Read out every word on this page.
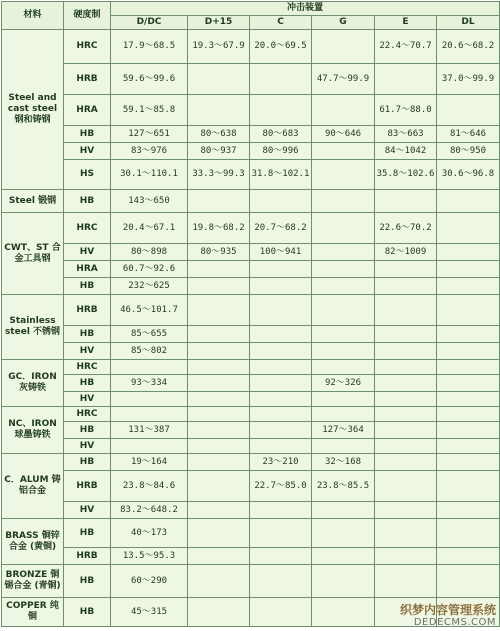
材料	硬度制	冲击装置					
		D/DC	D+15	C	G	E	DL
Steel and cast steel 钢和铸钢	HRC	17.9～68.5	19.3～67.9	20.0～69.5		22.4～70.7	20.6～68.2
	HRB	59.6～99.6			47.7～99.9		37.0～99.9
	HRA	59.1～85.8				61.7～88.0	
	HB	127～651	80～638	80～683	90～646	83～663	81～646
	HV	83～976	80～937	80～996		84～1042	80～950
	HS	30.1～110.1	33.3～99.3	31.8～102.1		35.8～102.6	30.6～96.8
Steel 锻钢	HB	143～650					
CWT、ST 合金工具钢	HRC	20.4～67.1	19.8～68.2	20.7～68.2		22.6～70.2	
	HV	80～898	80～935	100～941		82～1009	
	HRA	60.7～92.6					
	HB	232～625					
Stainless steel 不锈钢	HRB	46.5～101.7					
	HB	85～655					
	HV	85～802					
GC．IRON 灰铸铁	HRC						
	HB	93～334			92～326		
	HV						
NC、IRON 球墨铸铁	HRC						
	HB	131～387			127～364		
	HV						
C．ALUM 铸铝合金	HB	19～164		23～210	32～168		
	HRB	23.8～84.6		22.7～85.0	23.8～85.5		
	HV	83.2～648.2					
BRASS 铜锌合金 (黄铜)	HB	40～173					
	HRB	13.5～95.3					
BRONZE 铜锡合金 (青铜)	HB	60～290					
COPPER 纯铜	HB	45～315						织梦内容管理系统
DEDECMS.COM
